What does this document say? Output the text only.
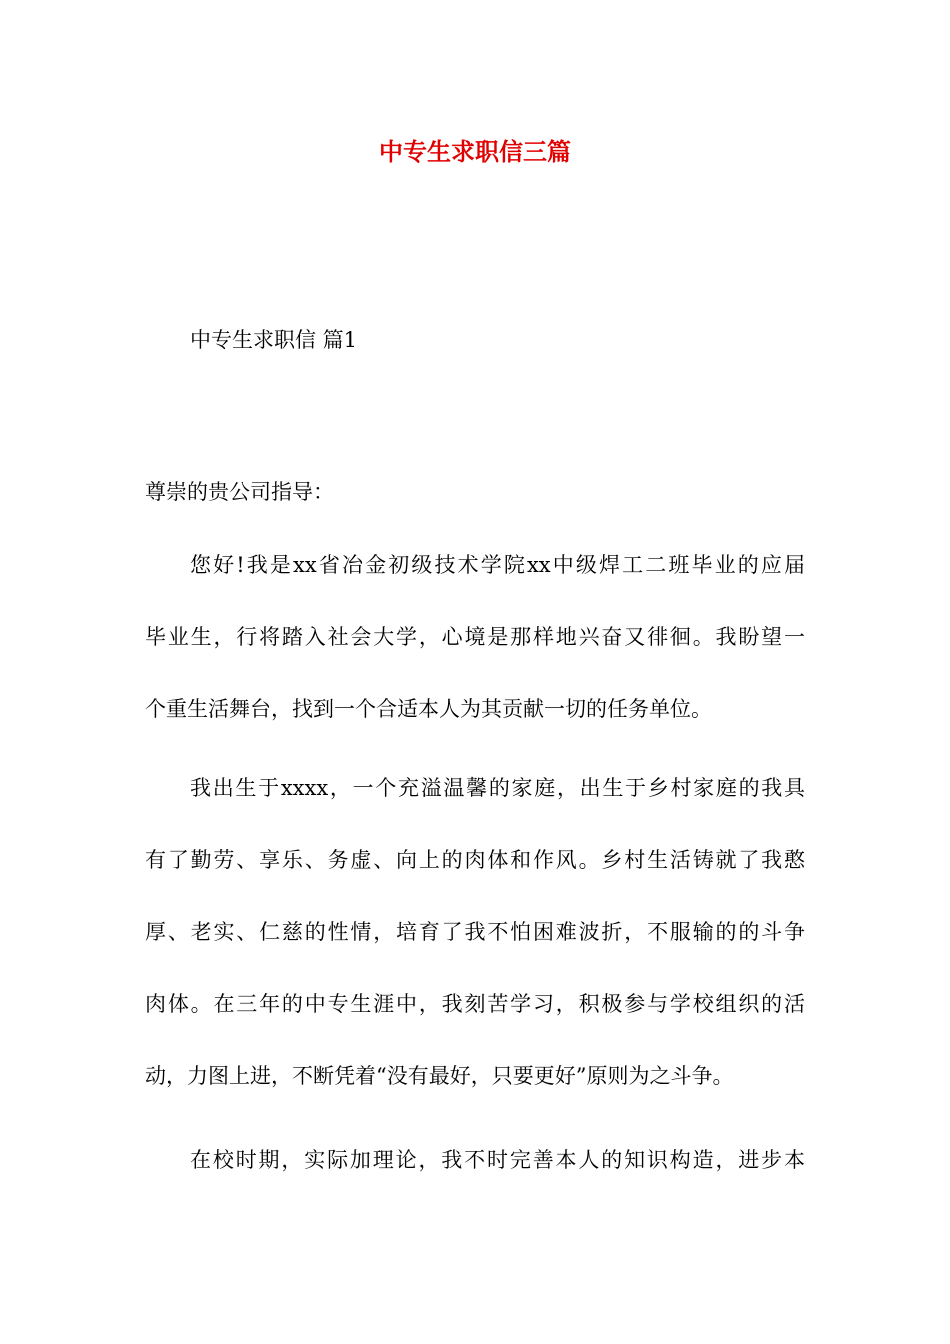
中专生求职信三篇
中专生求职信 篇1
尊崇的贵公司指导：
您好!我是xx省冶金初级技术学院xx中级焊工二班毕业的应届
毕业生，行将踏入社会大学，心境是那样地兴奋又徘徊。我盼望一
个重生活舞台，找到一个合适本人为其贡献一切的任务单位。
我出生于xxxx，一个充溢温馨的家庭，出生于乡村家庭的我具
有了勤劳、享乐、务虚、向上的肉体和作风。乡村生活铸就了我憨
厚、老实、仁慈的性情，培育了我不怕困难波折，不服输的的斗争
肉体。在三年的中专生涯中，我刻苦学习，积极参与学校组织的活
动，力图上进，不断凭着“没有最好，只要更好”原则为之斗争。
在校时期，实际加理论，我不时完善本人的知识构造，进步本
